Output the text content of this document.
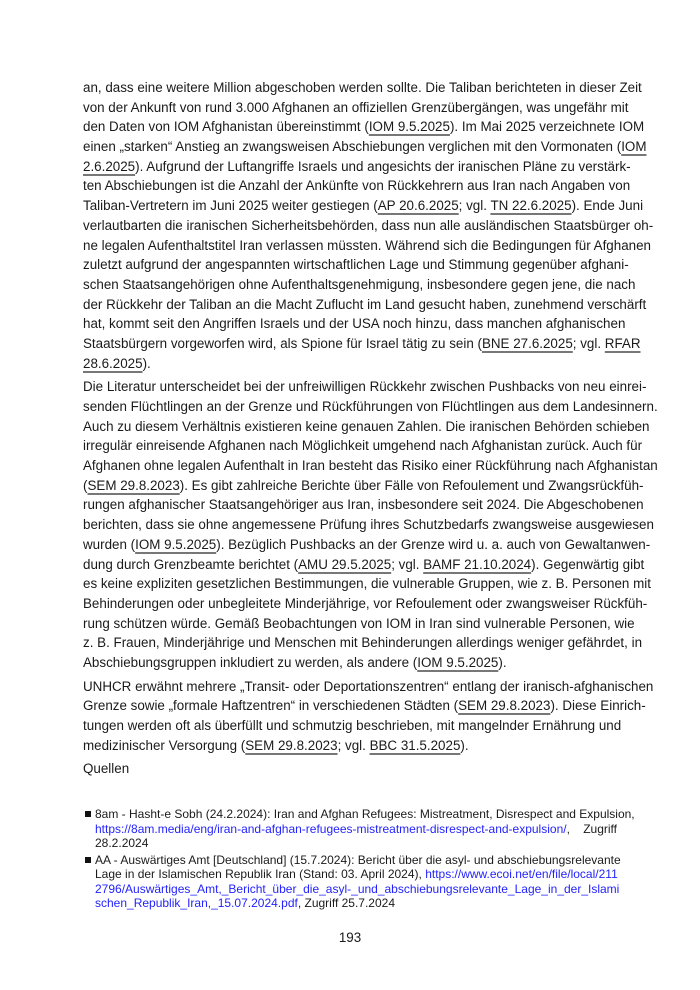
an, dass eine weitere Million abgeschoben werden sollte. Die Taliban berichteten in dieser Zeit
von der Ankunft von rund 3.000 Afghanen an offiziellen Grenzübergängen, was ungefähr mit
den Daten von IOM Afghanistan übereinstimmt (IOM 9.5.2025). Im Mai 2025 verzeichnete IOM
einen „starken“ Anstieg an zwangsweisen Abschiebungen verglichen mit den Vormonaten (IOM
2.6.2025). Aufgrund der Luftangriffe Israels und angesichts der iranischen Pläne zu verstärk-
ten Abschiebungen ist die Anzahl der Ankünfte von Rückkehrern aus Iran nach Angaben von
Taliban-Vertretern im Juni 2025 weiter gestiegen (AP 20.6.2025; vgl. TN 22.6.2025). Ende Juni
verlautbarten die iranischen Sicherheitsbehörden, dass nun alle ausländischen Staatsbürger oh-
ne legalen Aufenthaltstitel Iran verlassen müssten. Während sich die Bedingungen für Afghanen
zuletzt aufgrund der angespannten wirtschaftlichen Lage und Stimmung gegenüber afghani-
schen Staatsangehörigen ohne Aufenthaltsgenehmigung, insbesondere gegen jene, die nach
der Rückkehr der Taliban an die Macht Zuflucht im Land gesucht haben, zunehmend verschärft
hat, kommt seit den Angriffen Israels und der USA noch hinzu, dass manchen afghanischen
Staatsbürgern vorgeworfen wird, als Spione für Israel tätig zu sein (BNE 27.6.2025; vgl. RFAR
28.6.2025).
Die Literatur unterscheidet bei der unfreiwilligen Rückkehr zwischen Pushbacks von neu einrei-
senden Flüchtlingen an der Grenze und Rückführungen von Flüchtlingen aus dem Landesinnern.
Auch zu diesem Verhältnis existieren keine genauen Zahlen. Die iranischen Behörden schieben
irregulär einreisende Afghanen nach Möglichkeit umgehend nach Afghanistan zurück. Auch für
Afghanen ohne legalen Aufenthalt in Iran besteht das Risiko einer Rückführung nach Afghanistan
(SEM 29.8.2023). Es gibt zahlreiche Berichte über Fälle von Refoulement und Zwangsrückfüh-
rungen afghanischer Staatsangehöriger aus Iran, insbesondere seit 2024. Die Abgeschobenen
berichten, dass sie ohne angemessene Prüfung ihres Schutzbedarfs zwangsweise ausgewiesen
wurden (IOM 9.5.2025). Bezüglich Pushbacks an der Grenze wird u. a. auch von Gewaltanwen-
dung durch Grenzbeamte berichtet (AMU 29.5.2025; vgl. BAMF 21.10.2024). Gegenwärtig gibt
es keine expliziten gesetzlichen Bestimmungen, die vulnerable Gruppen, wie z. B. Personen mit
Behinderungen oder unbegleitete Minderjährige, vor Refoulement oder zwangsweiser Rückfüh-
rung schützen würde. Gemäß Beobachtungen von IOM in Iran sind vulnerable Personen, wie
z. B. Frauen, Minderjährige und Menschen mit Behinderungen allerdings weniger gefährdet, in
Abschiebungsgruppen inkludiert zu werden, als andere (IOM 9.5.2025).
UNHCR erwähnt mehrere „Transit- oder Deportationszentren“ entlang der iranisch-afghanischen
Grenze sowie „formale Haftzentren“ in verschiedenen Städten (SEM 29.8.2023). Diese Einrich-
tungen werden oft als überfüllt und schmutzig beschrieben, mit mangelnder Ernährung und
medizinischer Versorgung (SEM 29.8.2023; vgl. BBC 31.5.2025).
Quellen
8am - Hasht-e Sobh (24.2.2024): Iran and Afghan Refugees: Mistreatment, Disrespect and Expulsion,
https://8am.media/eng/iran-and-afghan-refugees-mistreatment-disrespect-and-expulsion/, Zugriff
28.2.2024
AA - Auswärtiges Amt [Deutschland] (15.7.2024): Bericht über die asyl- und abschiebungsrelevante
Lage in der Islamischen Republik Iran (Stand: 03. April 2024), https://www.ecoi.net/en/file/local/211
2796/Auswärtiges_Amt,_Bericht_über_die_asyl-_und_abschiebungsrelevante_Lage_in_der_Islami
schen_Republik_Iran,_15.07.2024.pdf, Zugriff 25.7.2024
193
